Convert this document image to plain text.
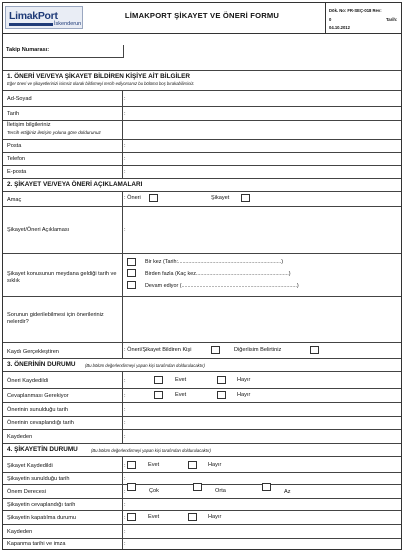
LimakPort
İskenderun
LİMAKPORT ŞİKAYET VE ÖNERİ FORMU
Dök. No: FR-SEÇ-018 Rev:
0	Tarih:
04.10.2012
Takip Numarası:
1. ÖNERİ VE/VEYA ŞİKAYET BİLDİREN KİŞİYE AİT BİLGİLER
Eğer öneri ve şikayetlerinizi isimsiz olarak bildirmeyi tercih ediyorsanız bu bölümü boş bırakabilirsiniz.
Ad-Soyad	:
Tarih	:
İletişim bilgileriniz
Tercih ettiğiniz iletişim yoluna göre doldurunuz
Posta	:
Telefon	:
E-posta	:
2. ŞİKAYET VE/VEYA ÖNERİ AÇIKLAMALARI
Amaç	: Öneri	Şikayet
Şikayet/Öneri Açıklaması	:
Şikayet konusunun meydana geldiği tarih ve sıklık
Bir kez (Tarih:.....................................................................)
Birden fazla (Kaç kez..............................................................)
Devam ediyor (.............................................................................)
Sorunun giderilebilmesi için önerileriniz nelerdir?
Kaydı Gerçekleştiren	: Öneri/Şikayet Bildiren Kişi	Diğerlisim Belirtiniz
3. ÖNERİNİN DURUMU	(Bu bölüm değerlendirmeyi yapan kişi tarafından doldurulacaktır)
Öneri Kaydedildi	:	Evet	Hayır
Cevaplanması Gerekiyor	:	Evet	Hayır
Önerinin sunulduğu tarih	:
Önerinin cevaplandığı tarih	:
Kaydeden	:
4. ŞİKAYETİN DURUMU	(Bu bölüm değerlendirmeyi yapan kişi tarafından doldurulacaktır)
Şikayet Kaydedildi	:	Evet	Hayır
Şikayetin sunulduğu tarih	:
Önem Derecesi	:	Çok	Orta	Az
Şikayetin cevaplandığı tarih	:
Şikayetin kapatılma durumu	:	Evet	Hayır
Kaydeden	:
Kapanma tarihi ve imza	:
